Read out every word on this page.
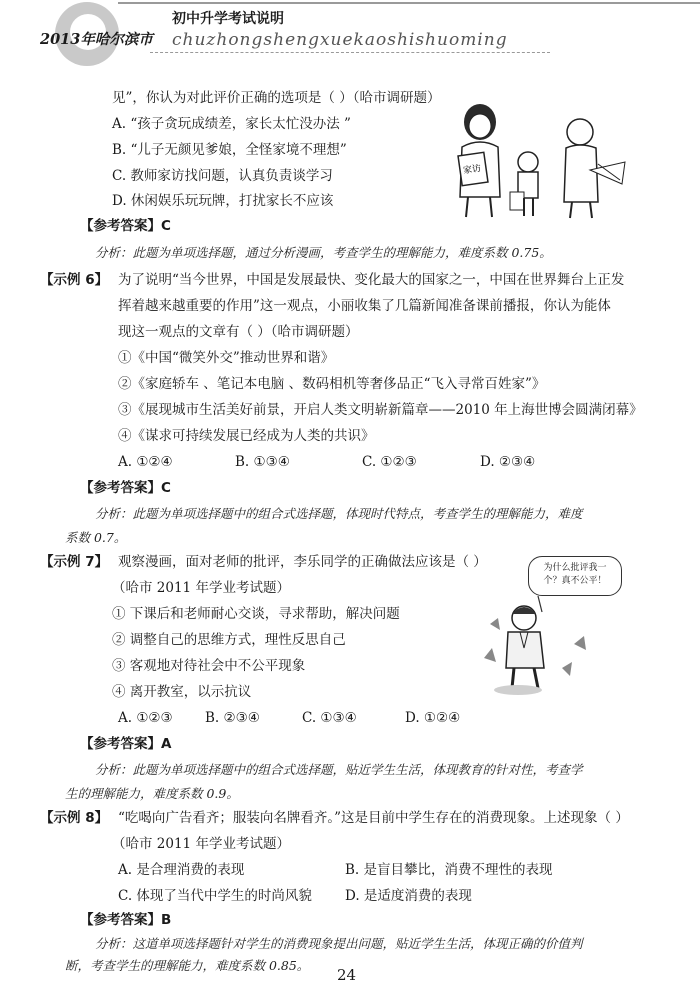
2013年哈尔滨市
初中升学考试说明
chuzhongshengxuekaoshishuoming
见”，你认为对此评价正确的选项是（ ）（哈市调研题）
A. “孩子贪玩成绩差，家长太忙没办法 ”
B. “儿子无颜见爹娘，全怪家境不理想”
C. 教师家访找问题，认真负责谈学习
D. 休闲娱乐玩玩牌，打扰家长不应该
家访
【参考答案】C
分析：此题为单项选择题，通过分析漫画，考查学生的理解能力，难度系数 0.75。
【示例 6】 为了说明“当今世界，中国是发展最快、变化最大的国家之一，中国在世界舞台上正发
挥着越来越重要的作用”这一观点，小丽收集了几篇新闻准备课前播报，你认为能体
现这一观点的文章有（ ）（哈市调研题）
①《中国“微笑外交”推动世界和谐》
②《家庭轿车 、笔记本电脑 、数码相机等奢侈品正“飞入寻常百姓家”》
③《展现城市生活美好前景，开启人类文明崭新篇章——2010 年上海世博会圆满闭幕》
④《谋求可持续发展已经成为人类的共识》
A. ①②④	B. ①③④	C. ①②③	D. ②③④
【参考答案】C
分析：此题为单项选择题中的组合式选择题，体现时代特点，考查学生的理解能力，难度
系数 0.7。
【示例 7】 观察漫画，面对老师的批评，李乐同学的正确做法应该是（ ）
（哈市 2011 年学业考试题）
① 下课后和老师耐心交谈，寻求帮助，解决问题
② 调整自己的思维方式，理性反思自己
③ 客观地对待社会中不公平现象
④ 离开教室，以示抗议
A. ①②③ B. ②③④	C. ①③④	D. ①②④
为什么批评我一
个？真不公平！
【参考答案】A
分析：此题为单项选择题中的组合式选择题，贴近学生生活，体现教育的针对性，考查学
生的理解能力，难度系数 0.9。
【示例 8】 “吃喝向广告看齐；服装向名牌看齐。”这是目前中学生存在的消费现象。上述现象（ ）
（哈市 2011 年学业考试题）
A. 是合理消费的表现	B. 是盲目攀比，消费不理性的表现
C. 体现了当代中学生的时尚风貌 D. 是适度消费的表现
【参考答案】B
分析：这道单项选择题针对学生的消费现象提出问题，贴近学生生活，体现正确的价值判
断，考查学生的理解能力，难度系数 0.85。
24
